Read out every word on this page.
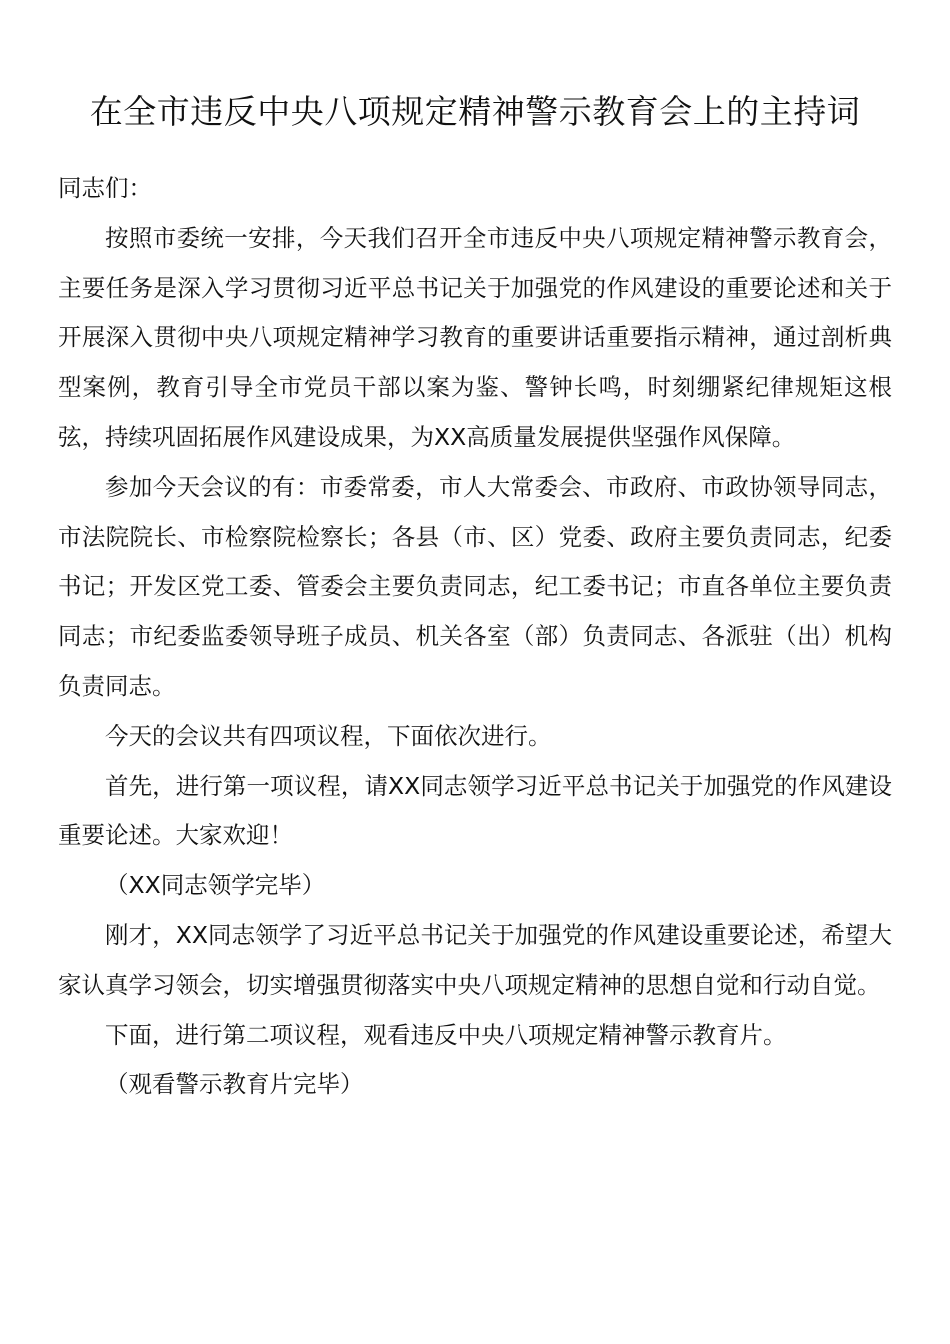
在全市违反中央八项规定精神警示教育会上的主持词

同志们：

按照市委统一安排，今天我们召开全市违反中央八项规定精神警示教育会，主要任务是深入学习贯彻习近平总书记关于加强党的作风建设的重要论述和关于开展深入贯彻中央八项规定精神学习教育的重要讲话重要指示精神，通过剖析典型案例，教育引导全市党员干部以案为鉴、警钟长鸣，时刻绷紧纪律规矩这根弦，持续巩固拓展作风建设成果，为XX高质量发展提供坚强作风保障。

参加今天会议的有：市委常委，市人大常委会、市政府、市政协领导同志，市法院院长、市检察院检察长；各县（市、区）党委、政府主要负责同志，纪委书记；开发区党工委、管委会主要负责同志，纪工委书记；市直各单位主要负责同志；市纪委监委领导班子成员、机关各室（部）负责同志、各派驻（出）机构负责同志。

今天的会议共有四项议程，下面依次进行。

首先，进行第一项议程，请XX同志领学习近平总书记关于加强党的作风建设重要论述。大家欢迎！

（XX同志领学完毕）

刚才，XX同志领学了习近平总书记关于加强党的作风建设重要论述，希望大家认真学习领会，切实增强贯彻落实中央八项规定精神的思想自觉和行动自觉。

下面，进行第二项议程，观看违反中央八项规定精神警示教育片。

（观看警示教育片完毕）
